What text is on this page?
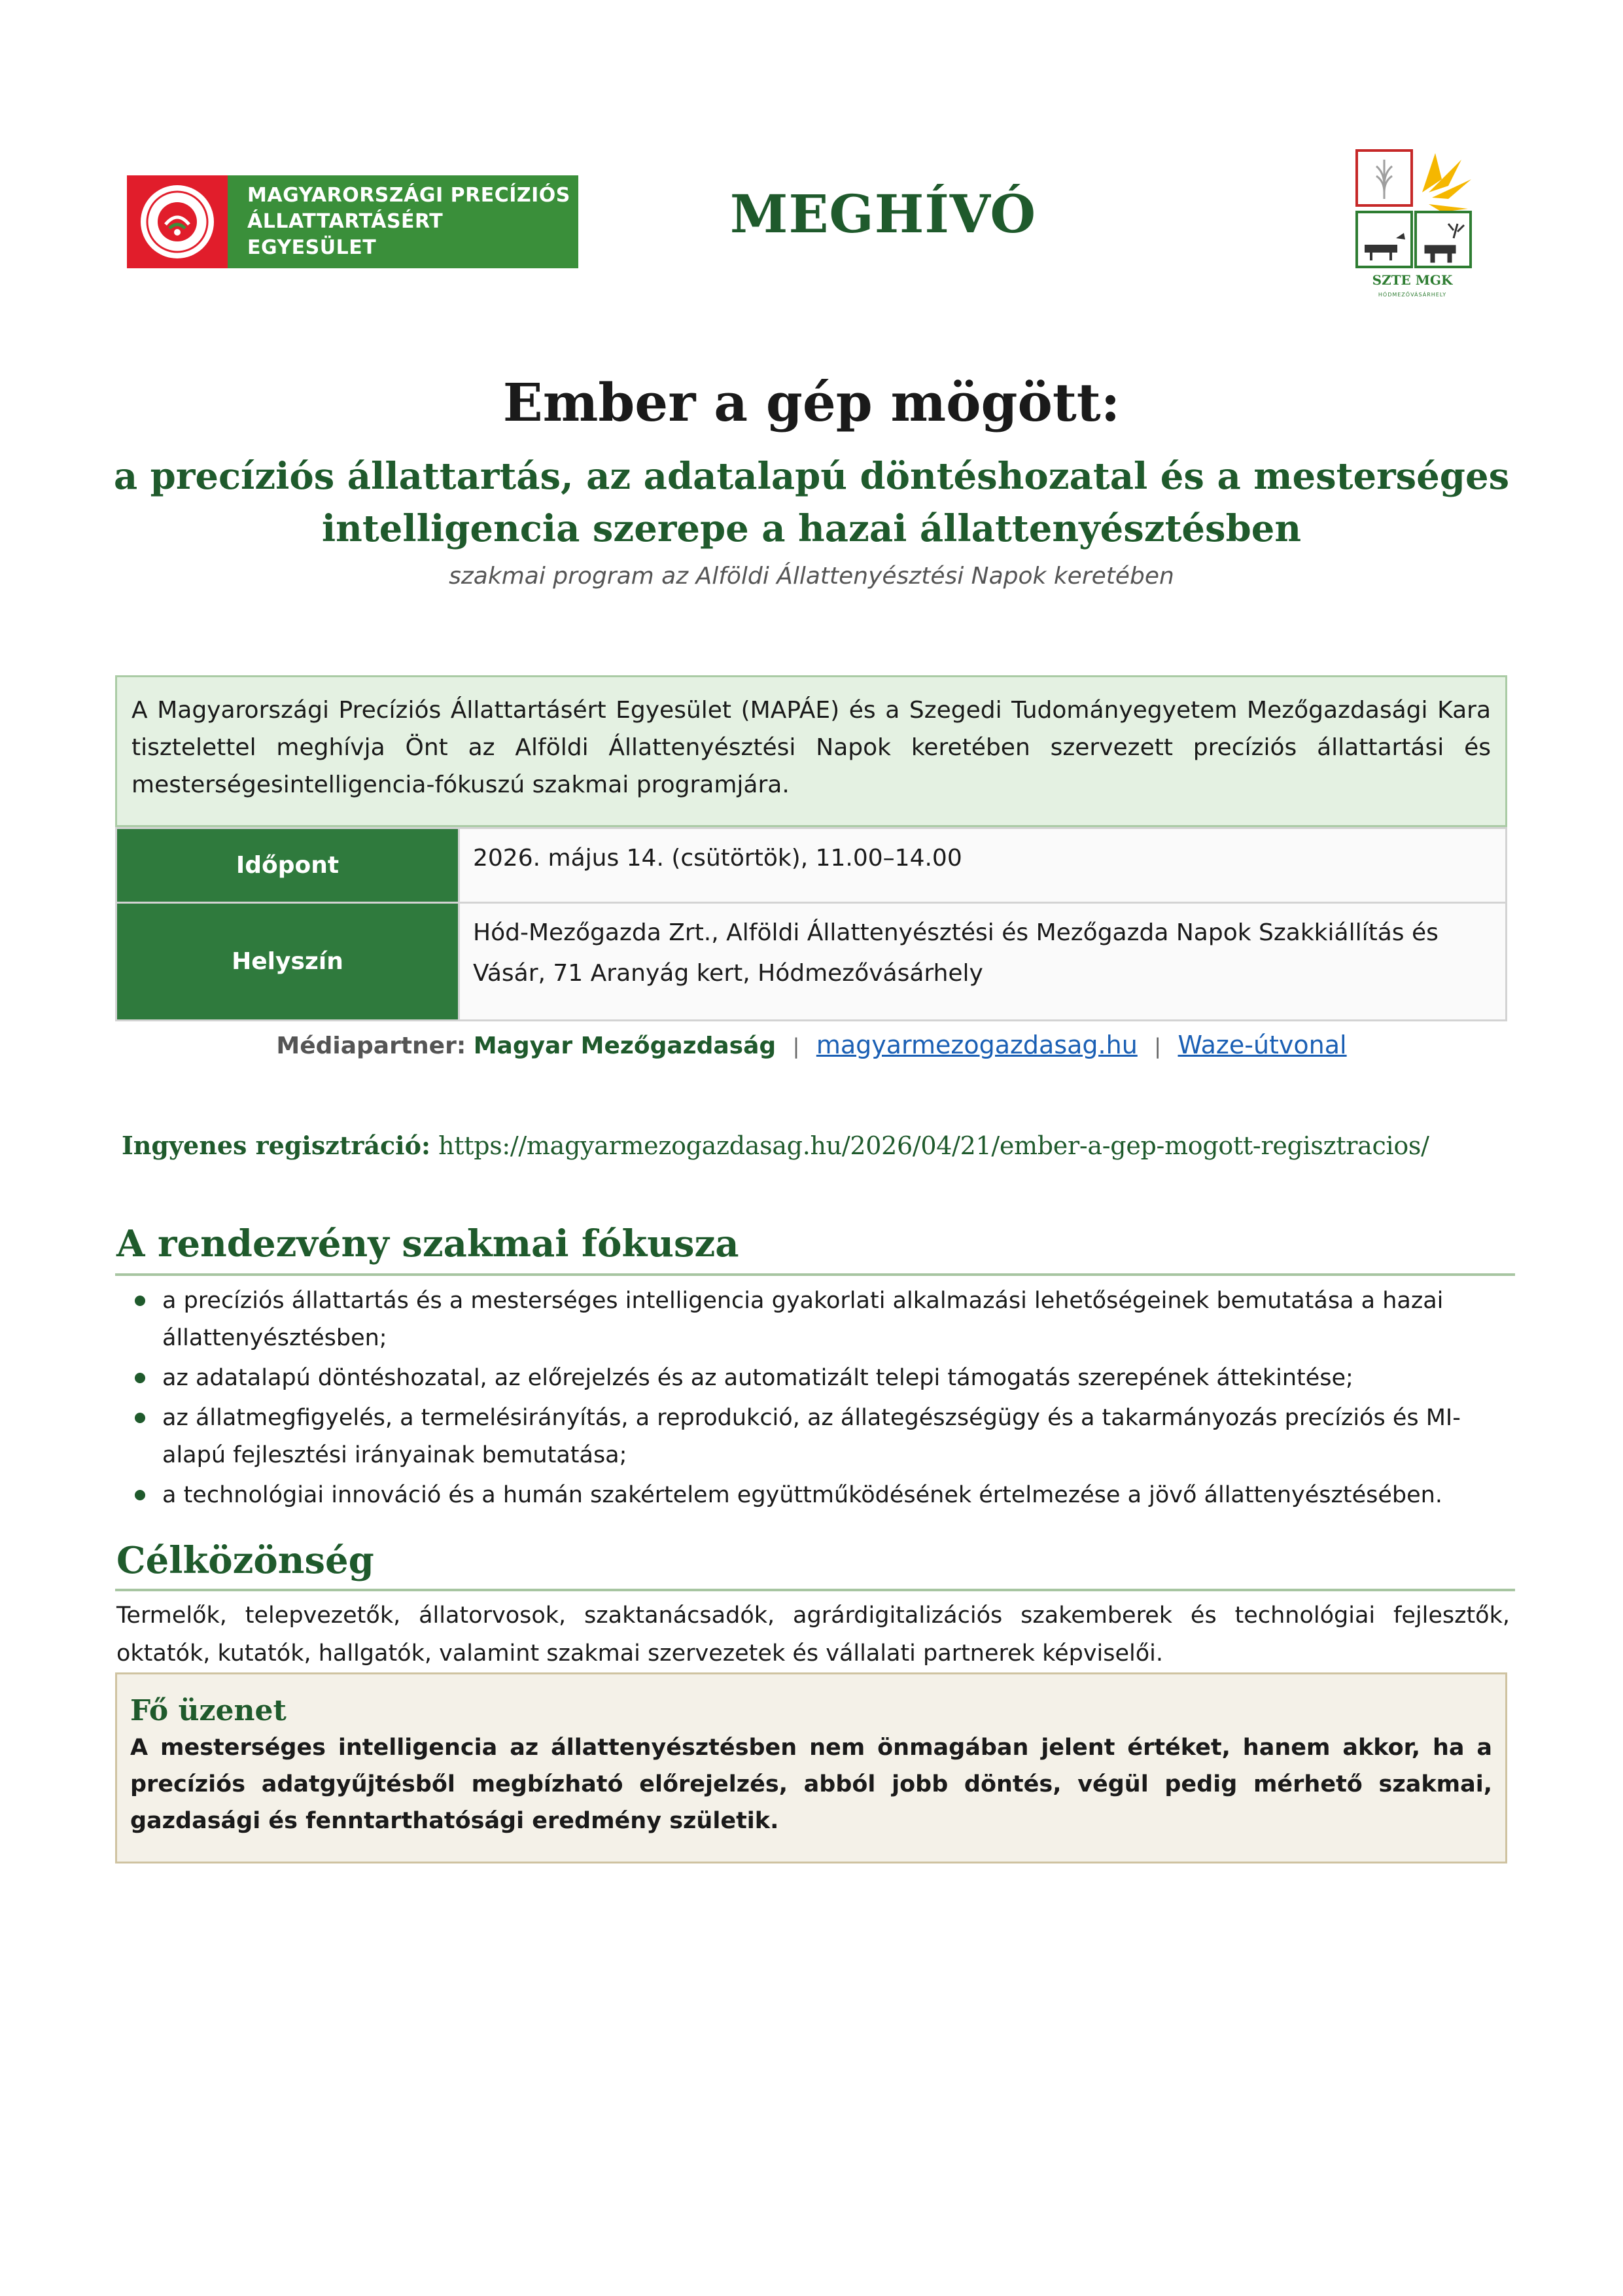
MAGYARORSZÁGI PRECÍZIÓS
ÁLLATTARTÁSÉRT EGYESÜLET
MEGHÍVÓ
SZTE MGK
HÓDMEZŐVÁSÁRHELY
Ember a gép mögött:
a precíziós állattartás, az adatalapú döntéshozatal és a mesterséges
intelligencia szerepe a hazai állattenyésztésben
szakmai program az Alföldi Állattenyésztési Napok keretében
A Magyarországi Precíziós Állattartásért Egyesület (MAPÁE) és a Szegedi Tudományegyetem Mezőgazdasági Kara tisztelettel meghívja Önt az Alföldi Állattenyésztési Napok keretében szervezett precíziós állattartási és mesterségesintelligencia-fókuszú szakmai programjára.
Időpont	2026. május 14. (csütörtök), 11.00–14.00
Helyszín	Hód-Mezőgazda Zrt., Alföldi Állattenyésztési és Mezőgazda Napok Szakkiállítás és Vásár, 71 Aranyág kert, Hódmezővásárhely
Médiapartner: Magyar Mezőgazdaság | magyarmezogazdasag.hu | Waze-útvonal
Ingyenes regisztráció: https://magyarmezogazdasag.hu/2026/04/21/ember-a-gep-mogott-regisztracios/
A rendezvény szakmai fókusza
a precíziós állattartás és a mesterséges intelligencia gyakorlati alkalmazási lehetőségeinek bemutatása a hazai állattenyésztésben;
az adatalapú döntéshozatal, az előrejelzés és az automatizált telepi támogatás szerepének áttekintése;
az állatmegfigyelés, a termelésirányítás, a reprodukció, az állategészségügy és a takarmányozás precíziós és MI-alapú fejlesztési irányainak bemutatása;
a technológiai innováció és a humán szakértelem együttműködésének értelmezése a jövő állattenyésztésében.
Célközönség
Termelők, telepvezetők, állatorvosok, szaktanácsadók, agrárdigitalizációs szakemberek és technológiai fejlesztők, oktatók, kutatók, hallgatók, valamint szakmai szervezetek és vállalati partnerek képviselői.
Fő üzenet
A mesterséges intelligencia az állattenyésztésben nem önmagában jelent értéket, hanem akkor, ha a precíziós adatgyűjtésből megbízható előrejelzés, abból jobb döntés, végül pedig mérhető szakmai, gazdasági és fenntarthatósági eredmény születik.
